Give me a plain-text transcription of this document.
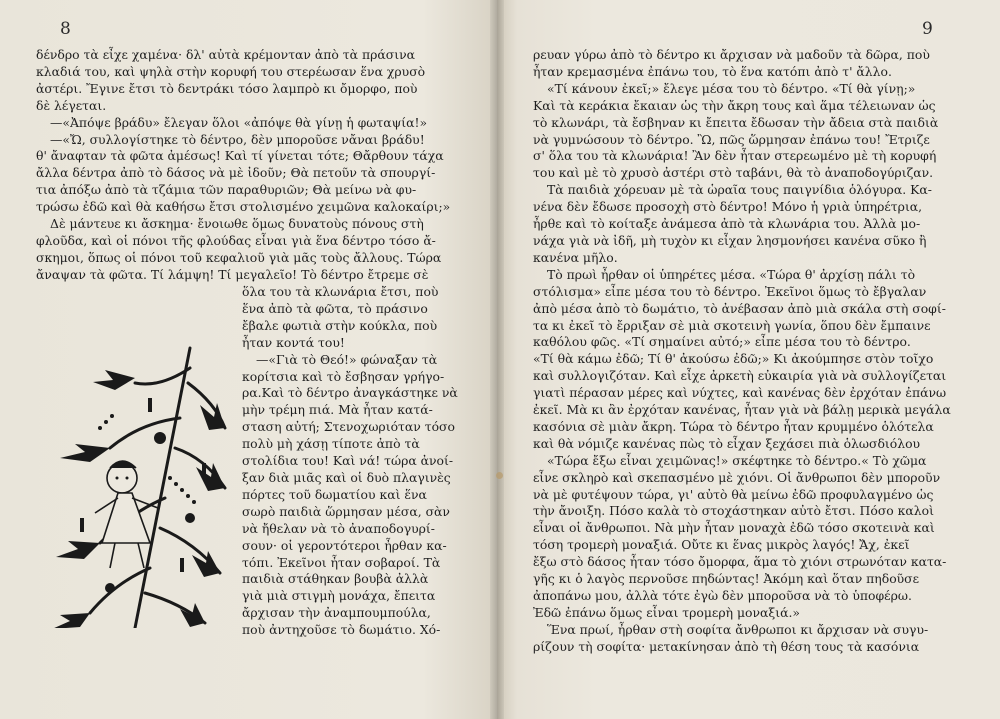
8

δένδρο τὰ εἶχε χαμένα· δλ' αὐτὰ κρέμονταν ἀπὸ τὰ πράσινα

κλαδιά του, καὶ ψηλὰ στὴν κορυφή του στερέωσαν ἕνα χρυσὸ

ἀστέρι. Ἔγινε ἔτσι τὸ δεντράκι τόσο λαμπρὸ κι ὄμορφο, ποὺ

δὲ λέγεται.

—«Ἀπόψε βράδυ» ἔλεγαν ὅλοι «ἀπόψε θὰ γίνῃ ἡ φωταψία!»

—«Ὤ, συλλογίστηκε τὸ δέντρο, δὲν μποροῦσε νἄναι βράδυ!

θ' ἄναφταν τὰ φῶτα ἀμέσως! Καὶ τί γίνεται τότε; Θἄρθουν τάχα

ἄλλα δέντρα ἀπὸ τὸ δάσος νὰ μὲ ἰδοῦν; Θὰ πετοῦν τὰ σπουργί-

τια ἀπόξω ἀπὸ τὰ τζάμια τῶν παραθυριῶν; Θὰ μείνω νὰ φυ-

τρώσω ἐδῶ καὶ θὰ καθήσω ἔτσι στολισμένο χειμῶνα καλοκαίρι;»

Δὲ μάντευε κι ἄσκημα· ἔνοιωθε ὅμως δυνατοὺς πόνους στὴ

φλοῦδα, καὶ οἱ πόνοι τῆς φλούδας εἶναι γιὰ ἕνα δέντρο τόσο ἄ-

σκημοι, ὅπως οἱ πόνοι τοῦ κεφαλιοῦ γιὰ μᾶς τοὺς ἄλλους. Τώρα

ἄναψαν τὰ φῶτα. Τί λάμψη! Τί μεγαλεῖο! Τὸ δέντρο ἔτρεμε σὲ

ὅλα του τὰ κλωνάρια ἔτσι, ποὺ

ἕνα ἀπὸ τὰ φῶτα, τὸ πράσινο

ἔβαλε φωτιὰ στὴν κούκλα, ποὺ

ἦταν κοντά του!

—«Γιὰ τὸ Θεό!» φώναξαν τὰ

κορίτσια καὶ τὸ ἔσβησαν γρήγο-

ρα.Καὶ τὸ δέντρο ἀναγκάστηκε νὰ

μὴν τρέμη πιά. Μὰ ἦταν κατά-

σταση αὐτή; Στενοχωριόταν τόσο

πολὺ μὴ χάσῃ τίποτε ἀπὸ τὰ

στολίδια του! Καὶ νά! τώρα ἀνοί-

ξαν διὰ μιᾶς καὶ οἱ δυὸ πλαγινὲς

πόρτες τοῦ δωματίου καὶ ἕνα

σωρὸ παιδιὰ ὥρμησαν μέσα, σὰν

νὰ ἤθελαν νὰ τὸ ἀναποδογυρί-

σουν· οἱ γεροντότεροι ἦρθαν κα-

τόπι. Ἐκεῖνοι ἦταν σοβαροί. Τὰ

παιδιὰ στάθηκαν βουβὰ ἀλλὰ

γιὰ μιὰ στιγμὴ μονάχα, ἔπειτα

ἄρχισαν τὴν ἀναμπουμπούλα,

ποὺ ἀντηχοῦσε τὸ δωμάτιο. Χό-

9

ρευαν γύρω ἀπὸ τὸ δέντρο κι ἄρχισαν νὰ μαδοῦν τὰ δῶρα, ποὺ

ἦταν κρεμασμένα ἐπάνω του, τὸ ἕνα κατόπι ἀπὸ τ' ἄλλο.

«Τί κάνουν ἐκεῖ;» ἔλεγε μέσα του τὸ δέντρο. «Τί θὰ γίνῃ;»

Καὶ τὰ κεράκια ἔκαιαν ὡς τὴν ἄκρη τους καὶ ἅμα τέλειωναν ὡς

τὸ κλωνάρι, τὰ ἔσβηναν κι ἔπειτα ἔδωσαν τὴν ἄδεια στὰ παιδιὰ

νὰ γυμνώσουν τὸ δέντρο. Ὢ, πῶς ὥρμησαν ἐπάνω του! Ἔτριζε

σ' ὅλα του τὰ κλωνάρια! Ἂν δὲν ἦταν στερεωμένο μὲ τὴ κορυφή

του καὶ μὲ τὸ χρυσὸ ἀστέρι στὸ ταβάνι, θὰ τὸ ἀναποδογύριζαν.

Τὰ παιδιὰ χόρευαν μὲ τὰ ὡραῖα τους παιγνίδια ὁλόγυρα. Κα-

νένα δὲν ἔδωσε προσοχὴ στὸ δέντρο! Μόνο ἡ γριὰ ὑπηρέτρια,

ἦρθε καὶ τὸ κοίταξε ἀνάμεσα ἀπὸ τὰ κλωνάρια του. Ἀλλὰ μο-

νάχα γιὰ νὰ ἰδῆ, μὴ τυχὸν κι εἶχαν λησμονήσει κανένα σῦκο ἢ

κανένα μῆλο.

Τὸ πρωὶ ἦρθαν οἱ ὑπηρέτες μέσα. «Τώρα θ' ἀρχίσῃ πάλι τὸ

στόλισμα» εἶπε μέσα του τὸ δέντρο. Ἐκεῖνοι ὅμως τὸ ἔβγαλαν

ἀπὸ μέσα ἀπὸ τὸ δωμάτιο, τὸ ἀνέβασαν ἀπὸ μιὰ σκάλα στὴ σοφί-

τα κι ἐκεῖ τὸ ἔρριξαν σὲ μιὰ σκοτεινὴ γωνία, ὅπου δὲν ἔμπαινε

καθόλου φῶς. «Τί σημαίνει αὐτό;» εἶπε μέσα του τὸ δέντρο.

«Τί θὰ κάμω ἐδῶ; Τί θ' ἀκούσω ἐδῶ;» Κι ἀκούμπησε στὸν τοῖχο

καὶ συλλογιζόταν. Καὶ εἶχε ἀρκετὴ εὐκαιρία γιὰ νὰ συλλογίζεται

γιατὶ πέρασαν μέρες καὶ νύχτες, καὶ κανένας δὲν ἐρχόταν ἐπάνω

ἐκεῖ. Μὰ κι ἂν ἐρχόταν κανένας, ἦταν γιὰ νὰ βάλῃ μερικὰ μεγάλα

κασόνια σὲ μιὰν ἄκρη. Τώρα τὸ δέντρο ἦταν κρυμμένο ὁλότελα

καὶ θὰ νόμιζε κανένας πὼς τὸ εἶχαν ξεχάσει πιὰ ὁλωσδιόλου

«Τώρα ἔξω εἶναι χειμῶνας!» σκέφτηκε τὸ δέντρο.« Τὸ χῶμα

εἶνε σκληρὸ καὶ σκεπασμένο μὲ χιόνι. Οἱ ἄνθρωποι δὲν μποροῦν

νὰ μὲ φυτέψουν τώρα, γι' αὐτὸ θὰ μείνω ἐδῶ προφυλαγμένο ὡς

τὴν ἄνοιξη. Πόσο καλὰ τὸ στοχάστηκαν αὐτὸ ἔτσι. Πόσο καλοὶ

εἶναι οἱ ἄνθρωποι. Νὰ μὴν ἦταν μοναχὰ ἐδῶ τόσο σκοτεινὰ καὶ

τόση τρομερὴ μοναξιά. Οὔτε κι ἕνας μικρὸς λαγός! Ἄχ, ἐκεῖ

ἔξω στὸ δάσος ἦταν τόσο ὄμορφα, ἅμα τὸ χιόνι στρωνόταν κατα-

γῆς κι ὁ λαγὸς περνοῦσε πηδώντας! Ἀκόμη καὶ ὅταν πηδοῦσε

ἀποπάνω μου, ἀλλὰ τότε ἐγὼ δὲν μποροῦσα νὰ τὸ ὑποφέρω.

Ἐδῶ ἐπάνω ὅμως εἶναι τρομερὴ μοναξιά.»

Ἕνα πρωί, ἦρθαν στὴ σοφίτα ἄνθρωποι κι ἄρχισαν νὰ συγυ-

ρίζουν τὴ σοφίτα· μετακίνησαν ἀπὸ τὴ θέση τους τὰ κασόνια
